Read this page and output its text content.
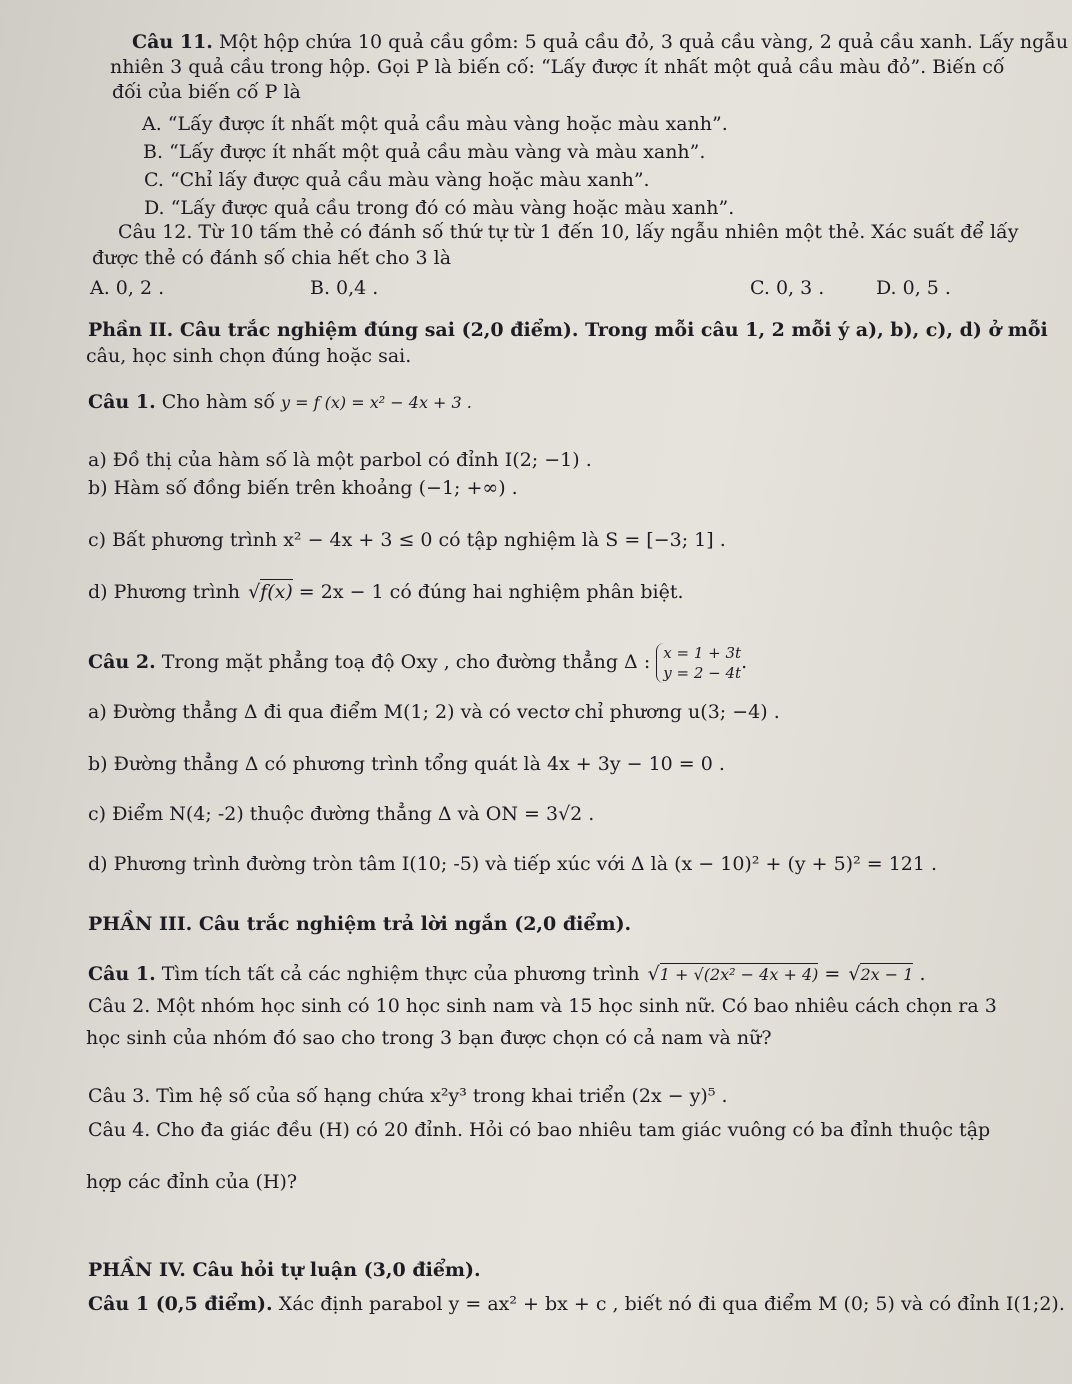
Câu 11. Một hộp chứa 10 quả cầu gồm: 5 quả cầu đỏ, 3 quả cầu vàng, 2 quả cầu xanh. Lấy ngẫu
nhiên 3 quả cầu trong hộp. Gọi P là biến cố: “Lấy được ít nhất một quả cầu màu đỏ”. Biến cố
đối của biến cố P là
A. “Lấy được ít nhất một quả cầu màu vàng hoặc màu xanh”.
B. “Lấy được ít nhất một quả cầu màu vàng và màu xanh”.
C. “Chỉ lấy được quả cầu màu vàng hoặc màu xanh”.
D. “Lấy được quả cầu trong đó có màu vàng hoặc màu xanh”.
Câu 12. Từ 10 tấm thẻ có đánh số thứ tự từ 1 đến 10, lấy ngẫu nhiên một thẻ. Xác suất để lấy
được thẻ có đánh số chia hết cho 3 là
A. 0, 2 .	B. 0,4 .	C. 0, 3 .	D. 0, 5 .
Phần II. Câu trắc nghiệm đúng sai (2,0 điểm). Trong mỗi câu 1, 2 mỗi ý a), b), c), d) ở mỗi
câu, học sinh chọn đúng hoặc sai.
Câu 1. Cho hàm số y = f (x) = x² − 4x + 3 .
a) Đồ thị của hàm số là một parbol có đỉnh I(2; −1) .
b) Hàm số đồng biến trên khoảng (−1; +∞) .
c) Bất phương trình x² − 4x + 3 ≤ 0 có tập nghiệm là S = [−3; 1] .
d) Phương trình √f(x) = 2x − 1 có đúng hai nghiệm phân biệt.
Câu 2. Trong mặt phẳng toạ độ Oxy , cho đường thẳng Δ : x = 1 + 3t
y = 2 − 4t .
a) Đường thẳng Δ đi qua điểm M(1; 2) và có vectơ chỉ phương u(3; −4) .
b) Đường thẳng Δ có phương trình tổng quát là 4x + 3y − 10 = 0 .
c) Điểm N(4; -2) thuộc đường thẳng Δ và ON = 3√2 .
d) Phương trình đường tròn tâm I(10; -5) và tiếp xúc với Δ là (x − 10)² + (y + 5)² = 121 .
PHẦN III. Câu trắc nghiệm trả lời ngắn (2,0 điểm).
Câu 1. Tìm tích tất cả các nghiệm thực của phương trình √1 + √(2x² − 4x + 4) = √2x − 1 .
Câu 2. Một nhóm học sinh có 10 học sinh nam và 15 học sinh nữ. Có bao nhiêu cách chọn ra 3
học sinh của nhóm đó sao cho trong 3 bạn được chọn có cả nam và nữ?
Câu 3. Tìm hệ số của số hạng chứa x²y³ trong khai triển (2x − y)⁵ .
Câu 4. Cho đa giác đều (H) có 20 đỉnh. Hỏi có bao nhiêu tam giác vuông có ba đỉnh thuộc tập
hợp các đỉnh của (H)?
PHẦN IV. Câu hỏi tự luận (3,0 điểm).
Câu 1 (0,5 điểm). Xác định parabol y = ax² + bx + c , biết nó đi qua điểm M (0; 5) và có đỉnh I(1;2).
